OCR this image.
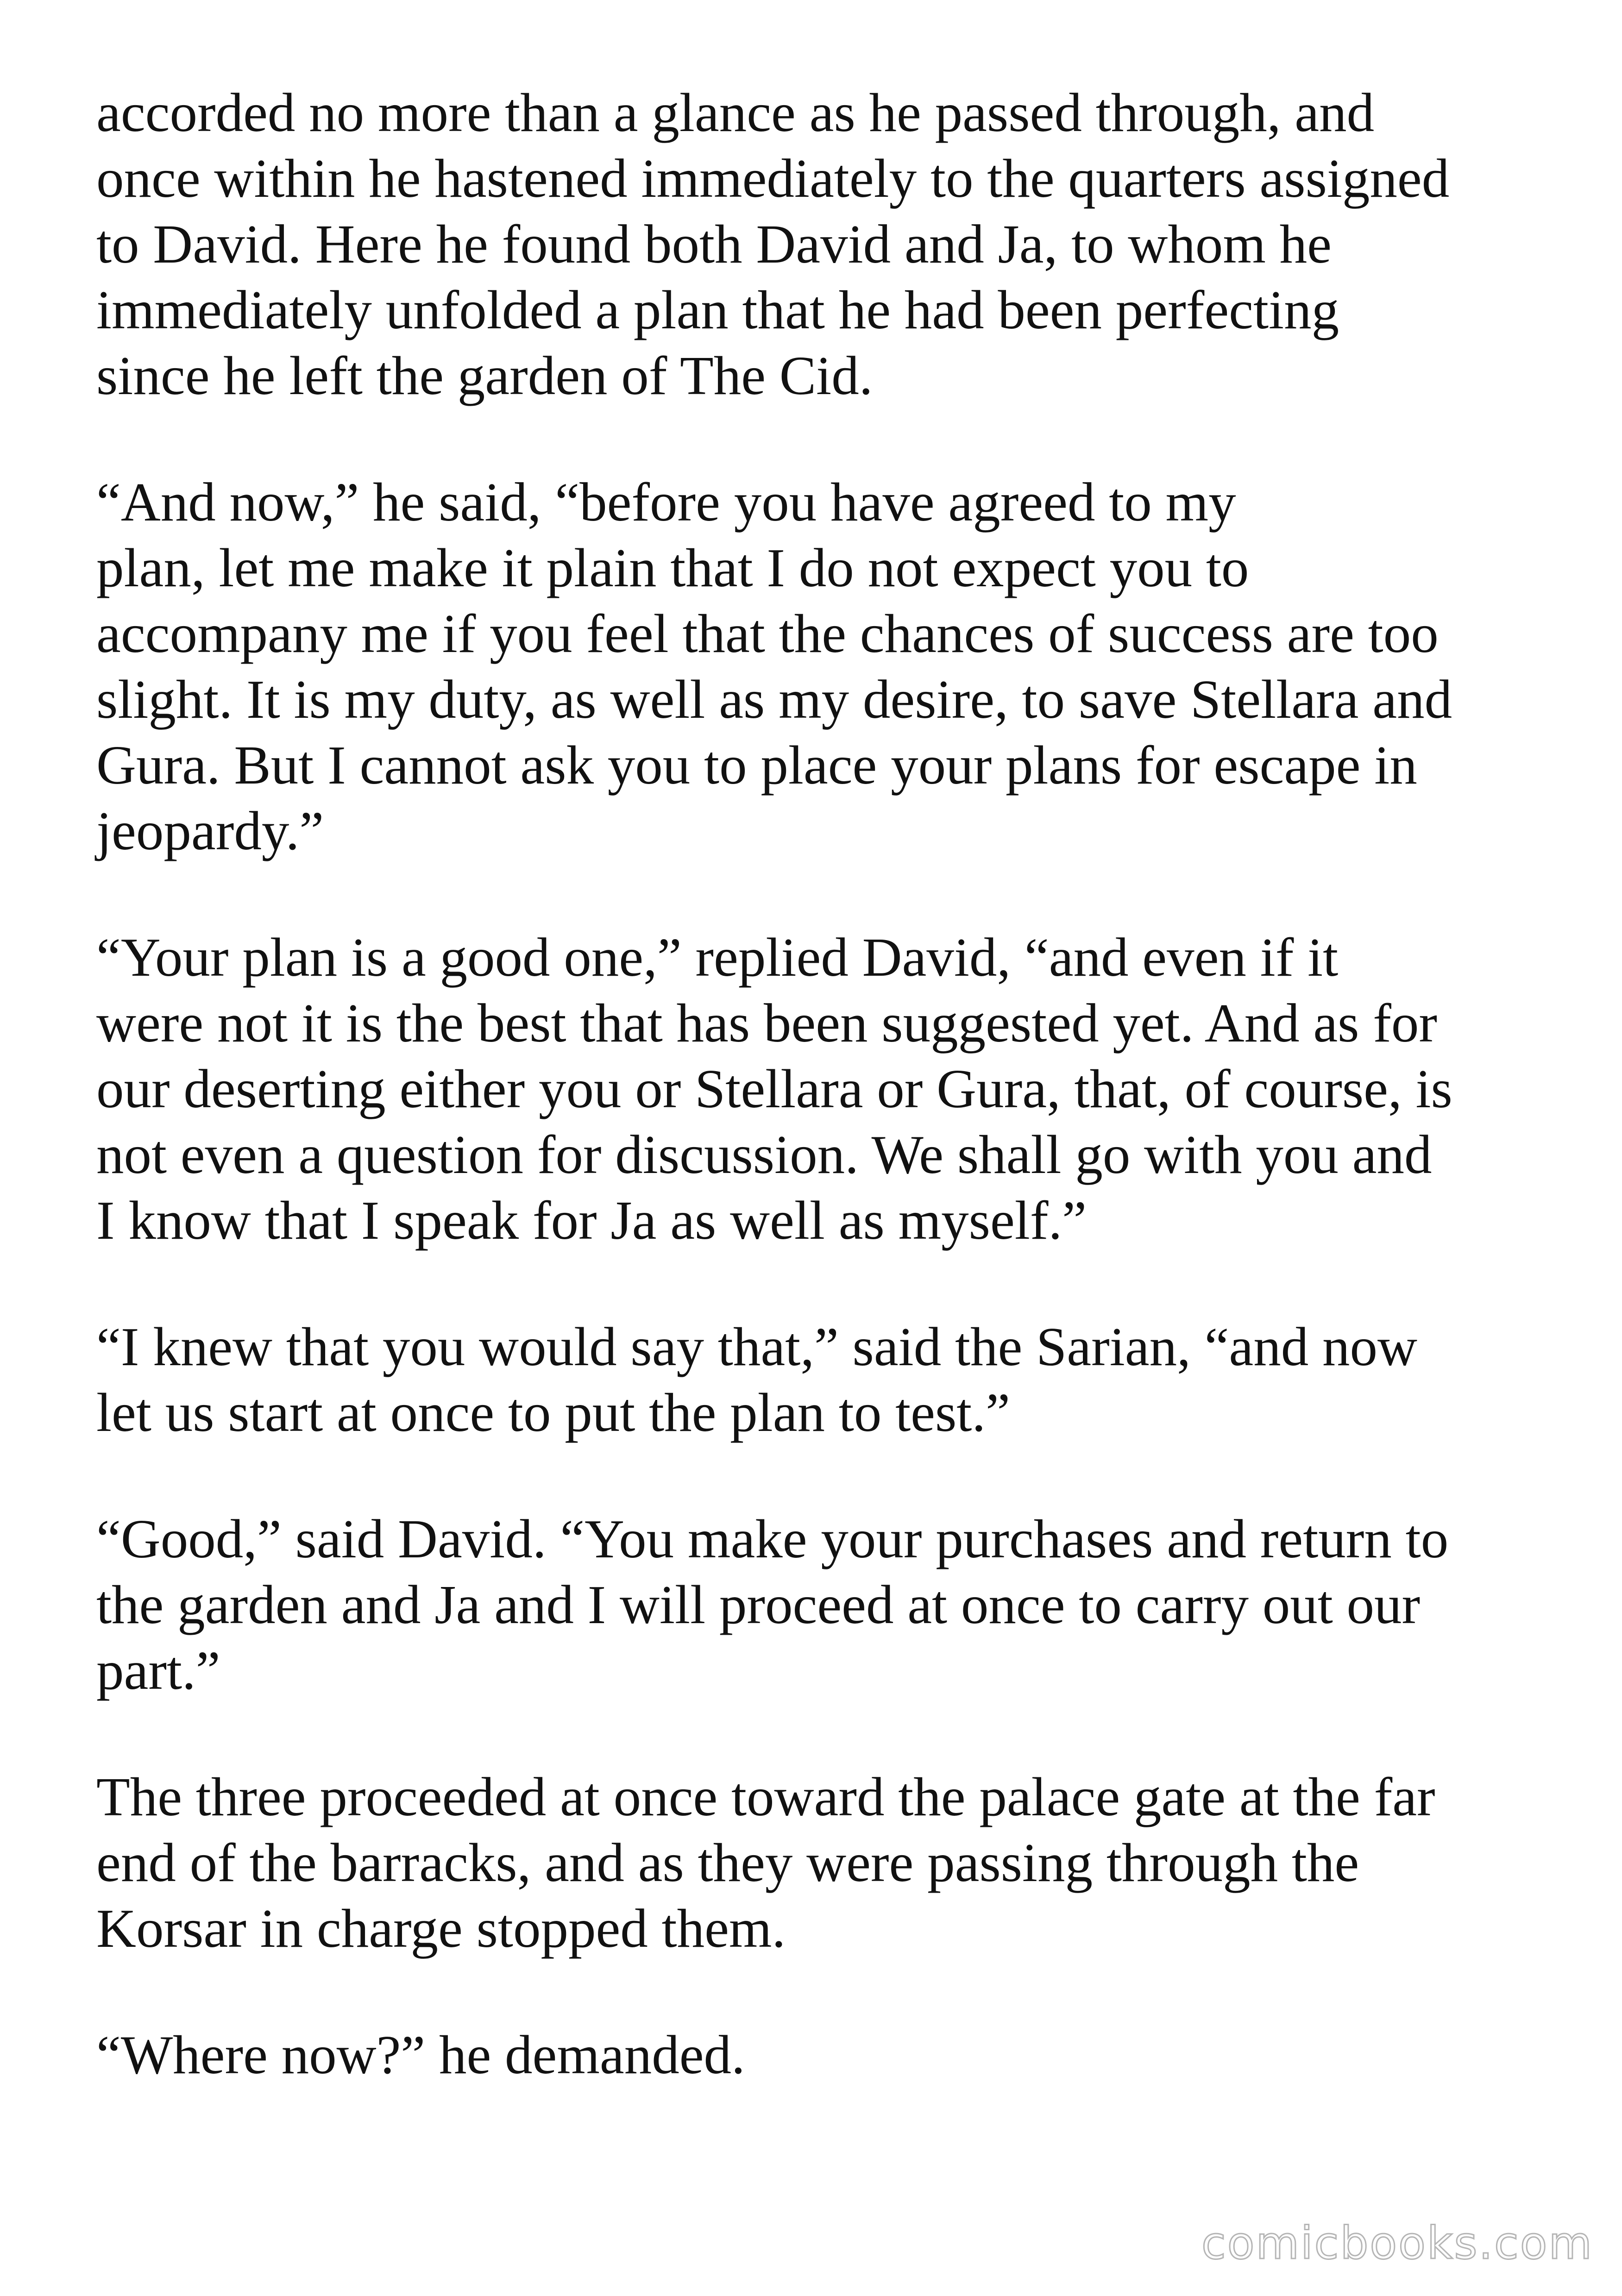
accorded no more than a glance as he passed through, and
once within he hastened immediately to the quarters assigned
to David. Here he found both David and Ja, to whom he
immediately unfolded a plan that he had been perfecting
since he left the garden of The Cid.

“And now,” he said, “before you have agreed to my
plan, let me make it plain that I do not expect you to
accompany me if you feel that the chances of success are too
slight. It is my duty, as well as my desire, to save Stellara and
Gura. But I cannot ask you to place your plans for escape in
jeopardy.”

“Your plan is a good one,” replied David, “and even if it
were not it is the best that has been suggested yet. And as for
our deserting either you or Stellara or Gura, that, of course, is
not even a question for discussion. We shall go with you and
I know that I speak for Ja as well as myself.”

“I knew that you would say that,” said the Sarian, “and now
let us start at once to put the plan to test.”

“Good,” said David. “You make your purchases and return to
the garden and Ja and I will proceed at once to carry out our
part.”

The three proceeded at once toward the palace gate at the far
end of the barracks, and as they were passing through the
Korsar in charge stopped them.

“Where now?” he demanded.

comicbooks.com
